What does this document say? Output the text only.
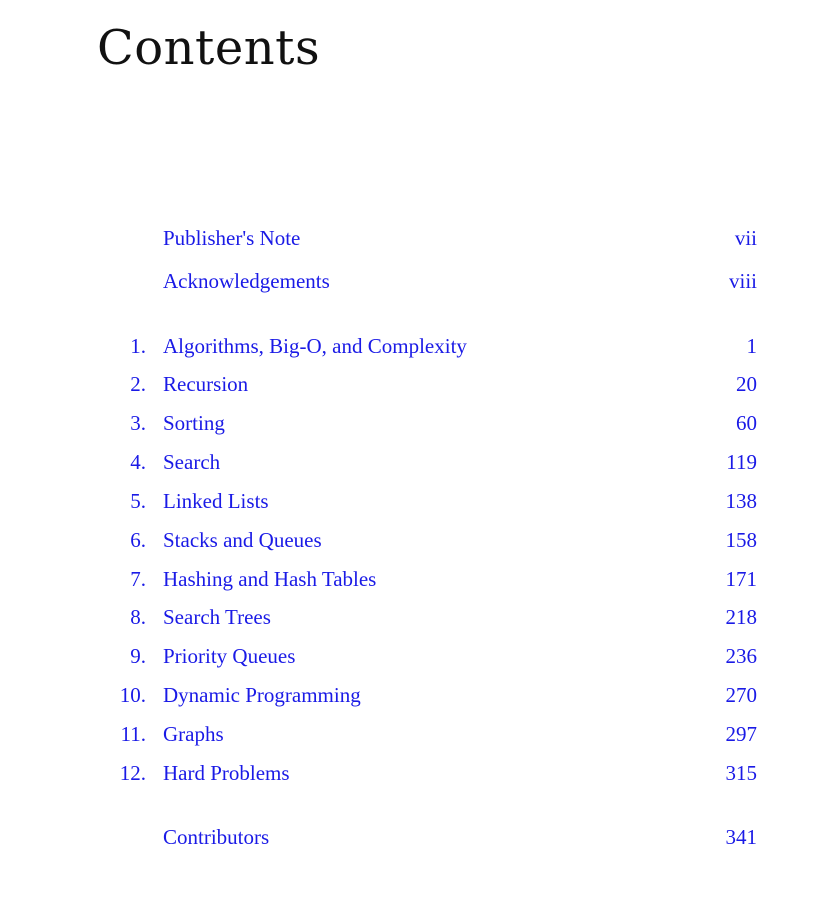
Contents
Publisher's Note	vii
Acknowledgements	viii
1. Algorithms, Big-O, and Complexity	1
2. Recursion	20
3. Sorting	60
4. Search	119
5. Linked Lists	138
6. Stacks and Queues	158
7. Hashing and Hash Tables	171
8. Search Trees	218
9. Priority Queues	236
10. Dynamic Programming	270
11. Graphs	297
12. Hard Problems	315
Contributors	341
